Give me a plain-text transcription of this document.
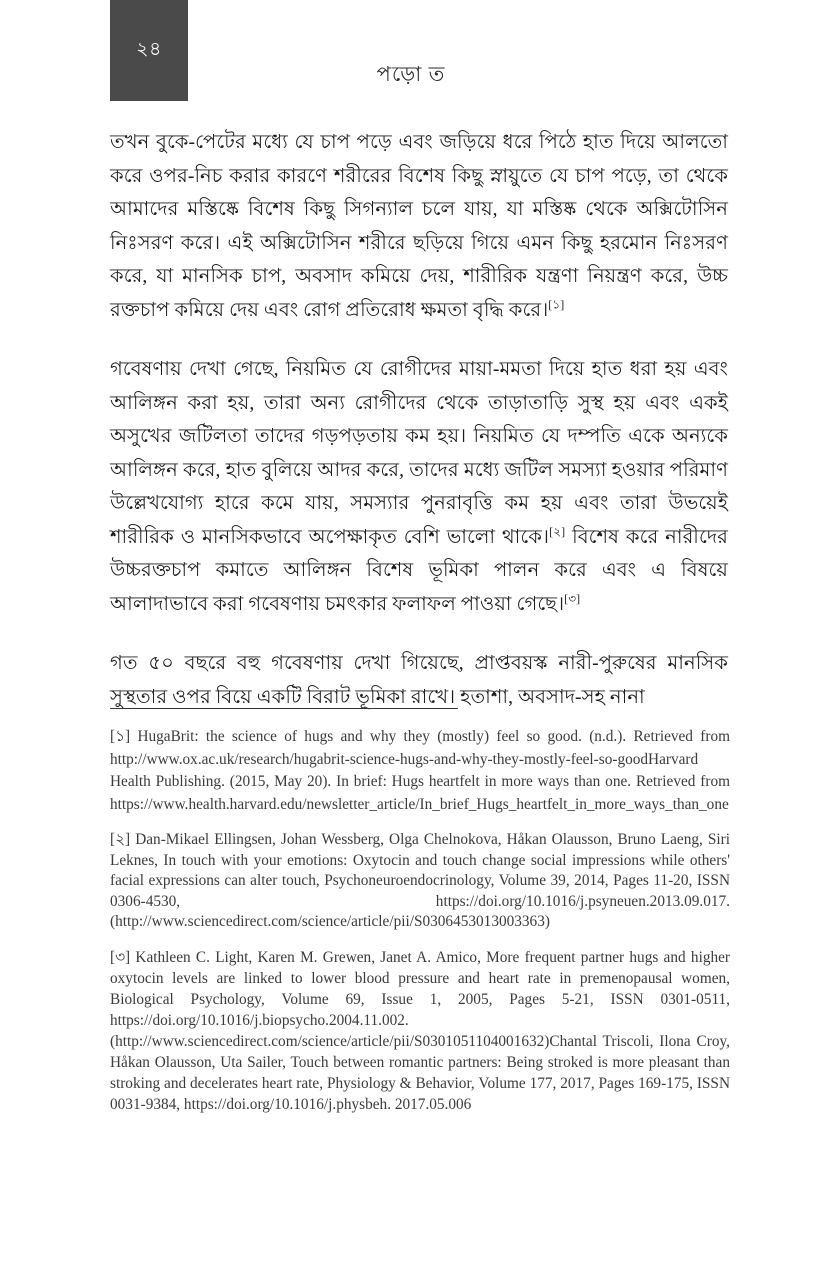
২৪
পড়ো ত

তখন বুকে-পেটের মধ্যে যে চাপ পড়ে এবং জড়িয়ে ধরে পিঠে হাত দিয়ে আলতো করে ওপর-নিচ করার কারণে শরীরের বিশেষ কিছু স্নায়ুতে যে চাপ পড়ে, তা থেকে আমাদের মস্তিষ্কে বিশেষ কিছু সিগন্যাল চলে যায়, যা মস্তিষ্ক থেকে অক্সিটোসিন নিঃসরণ করে। এই অক্সিটোসিন শরীরে ছড়িয়ে গিয়ে এমন কিছু হরমোন নিঃসরণ করে, যা মানসিক চাপ, অবসাদ কমিয়ে দেয়, শারীরিক যন্ত্রণা নিয়ন্ত্রণ করে, উচ্চ রক্তচাপ কমিয়ে দেয় এবং রোগ প্রতিরোধ ক্ষমতা বৃদ্ধি করে।[১]

গবেষণায় দেখা গেছে, নিয়মিত যে রোগীদের মায়া-মমতা দিয়ে হাত ধরা হয় এবং আলিঙ্গন করা হয়, তারা অন্য রোগীদের থেকে তাড়াতাড়ি সুস্থ হয় এবং একই অসুখের জটিলতা তাদের গড়পড়তায় কম হয়। নিয়মিত যে দম্পতি একে অন্যকে আলিঙ্গন করে, হাত বুলিয়ে আদর করে, তাদের মধ্যে জটিল সমস্যা হওয়ার পরিমাণ উল্লেখযোগ্য হারে কমে যায়, সমস্যার পুনরাবৃত্তি কম হয় এবং তারা উভয়েই শারীরিক ও মানসিকভাবে অপেক্ষাকৃত বেশি ভালো থাকে।[২] বিশেষ করে নারীদের উচ্চরক্তচাপ কমাতে আলিঙ্গন বিশেষ ভূমিকা পালন করে এবং এ বিষয়ে আলাদাভাবে করা গবেষণায় চমৎকার ফলাফল পাওয়া গেছে।[৩]

গত ৫০ বছরে বহু গবেষণায় দেখা গিয়েছে, প্রাপ্তবয়স্ক নারী-পুরুষের মানসিক সুস্থতার ওপর বিয়ে একটি বিরাট ভূমিকা রাখে। হতাশা, অবসাদ-সহ নানা

[১] HugaBrit: the science of hugs and why they (mostly) feel so good. (n.d.). Retrieved from http://www.ox.ac.uk/research/hugabrit-science-hugs-and-why-they-mostly-feel-so-goodHarvard Health Publishing. (2015, May 20). In brief: Hugs heartfelt in more ways than one. Retrieved from https://www.health.harvard.edu/newsletter_article/In_brief_Hugs_heartfelt_in_more_ways_than_one
[২] Dan-Mikael Ellingsen, Johan Wessberg, Olga Chelnokova, Håkan Olausson, Bruno Laeng, Siri Leknes, In touch with your emotions: Oxytocin and touch change social impressions while others' facial expressions can alter touch, Psychoneuroendocrinology, Volume 39, 2014, Pages 11-20, ISSN 0306-4530, https://doi.org/10.1016/j.psyneuen.2013.09.017. (http://www.sciencedirect.com/science/article/pii/S0306453013003363)
[৩] Kathleen C. Light, Karen M. Grewen, Janet A. Amico, More frequent partner hugs and higher oxytocin levels are linked to lower blood pressure and heart rate in premenopausal women, Biological Psychology, Volume 69, Issue 1, 2005, Pages 5-21, ISSN 0301-0511, https://doi.org/10.1016/j.biopsycho.2004.11.002. (http://www.sciencedirect.com/science/article/pii/S0301051104001632)Chantal Triscoli, Ilona Croy, Håkan Olausson, Uta Sailer, Touch between romantic partners: Being stroked is more pleasant than stroking and decelerates heart rate, Physiology & Behavior, Volume 177, 2017, Pages 169-175, ISSN 0031-9384, https://doi.org/10.1016/j.physbeh. 2017.05.006
